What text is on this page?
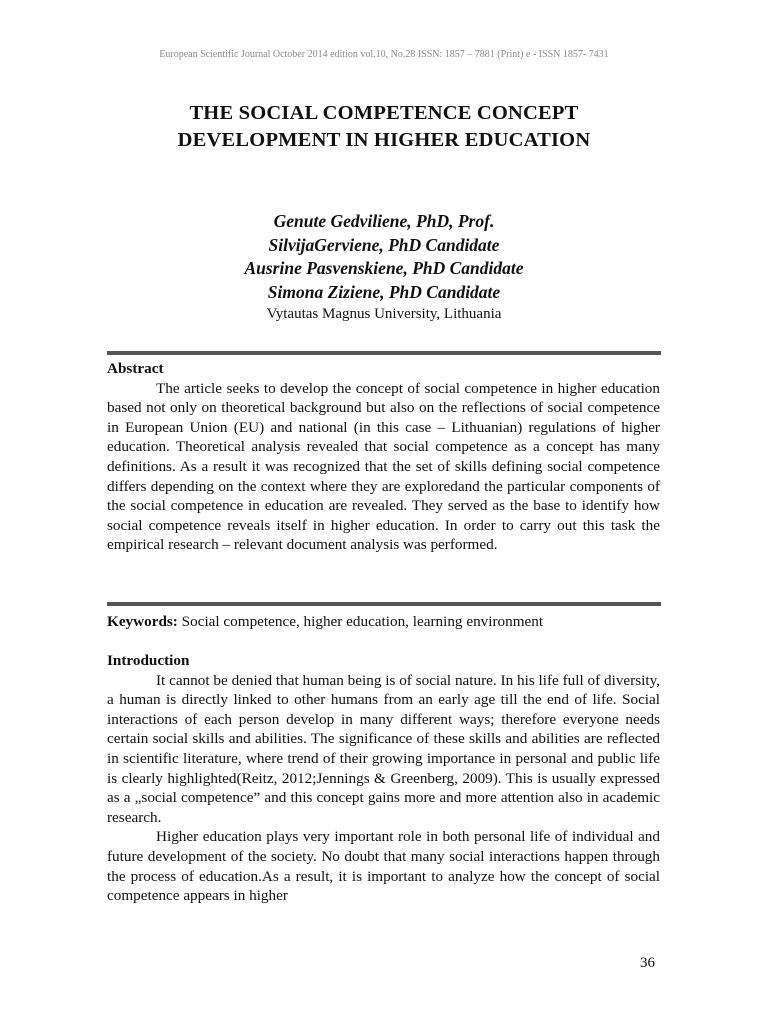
European Scientific Journal October 2014 edition vol.10, No.28 ISSN: 1857 – 7881 (Print) e - ISSN 1857- 7431
THE SOCIAL COMPETENCE CONCEPT
DEVELOPMENT IN HIGHER EDUCATION
Genute Gedviliene, PhD, Prof.
SilvijaGerviene, PhD Candidate
Ausrine Pasvenskiene, PhD Candidate
Simona Ziziene, PhD Candidate
Vytautas Magnus University, Lithuania
Abstract

The article seeks to develop the concept of social competence in higher education based not only on theoretical background but also on the reflections of social competence in European Union (EU) and national (in this case – Lithuanian) regulations of higher education. Theoretical analysis revealed that social competence as a concept has many definitions. As a result it was recognized that the set of skills defining social competence differs depending on the context where they are exploredand the particular components of the social competence in education are revealed. They served as the base to identify how social competence reveals itself in higher education. In order to carry out this task the empirical research – relevant document analysis was performed.

Keywords: Social competence, higher education, learning environment
Introduction

It cannot be denied that human being is of social nature. In his life full of diversity, a human is directly linked to other humans from an early age till the end of life. Social interactions of each person develop in many different ways; therefore everyone needs certain social skills and abilities. The significance of these skills and abilities are reflected in scientific literature, where trend of their growing importance in personal and public life is clearly highlighted(Reitz, 2012;Jennings & Greenberg, 2009). This is usually expressed as a „social competence” and this concept gains more and more attention also in academic research.

Higher education plays very important role in both personal life of individual and future development of the society. No doubt that many social interactions happen through the process of education.As a result, it is important to analyze how the concept of social competence appears in higher

36
